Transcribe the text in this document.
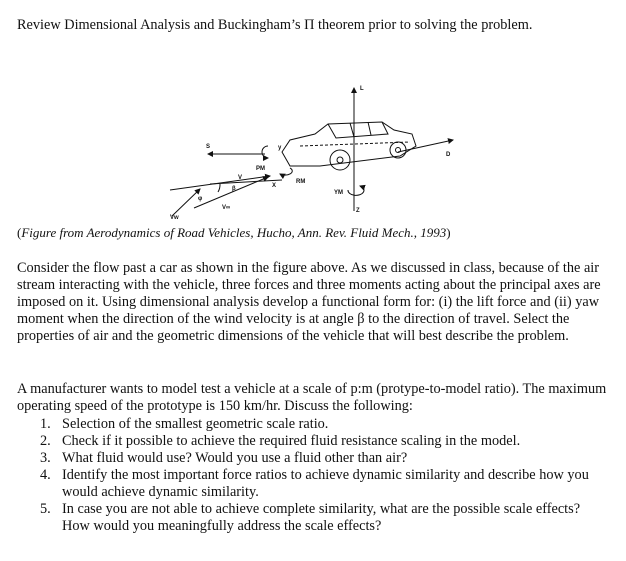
Review Dimensional Analysis and Buckingham’s Π theorem prior to solving the problem.
L
D
S	y
PM
RM
YM
Z
X
V
V∞
Vw
β
φ
(Figure from Aerodynamics of Road Vehicles, Hucho, Ann. Rev. Fluid Mech., 1993)
Consider the flow past a car as shown in the figure above. As we discussed in class, because of the air stream interacting with the vehicle, three forces and three moments acting about the principal axes are imposed on it. Using dimensional analysis develop a functional form for: (i) the lift force and (ii) yaw moment when the direction of the wind velocity is at angle β to the direction of travel. Select the properties of air and the geometric dimensions of the vehicle that will best describe the problem.
A manufacturer wants to model test a vehicle at a scale of p:m (protype-to-model ratio). The maximum operating speed of the prototype is 150 km/hr. Discuss the following:
1. Selection of the smallest geometric scale ratio.
2. Check if it possible to achieve the required fluid resistance scaling in the model.
3. What fluid would use? Would you use a fluid other than air?
4. Identify the most important force ratios to achieve dynamic similarity and describe how you would achieve dynamic similarity.
5. In case you are not able to achieve complete similarity, what are the possible scale effects? How would you meaningfully address the scale effects?
